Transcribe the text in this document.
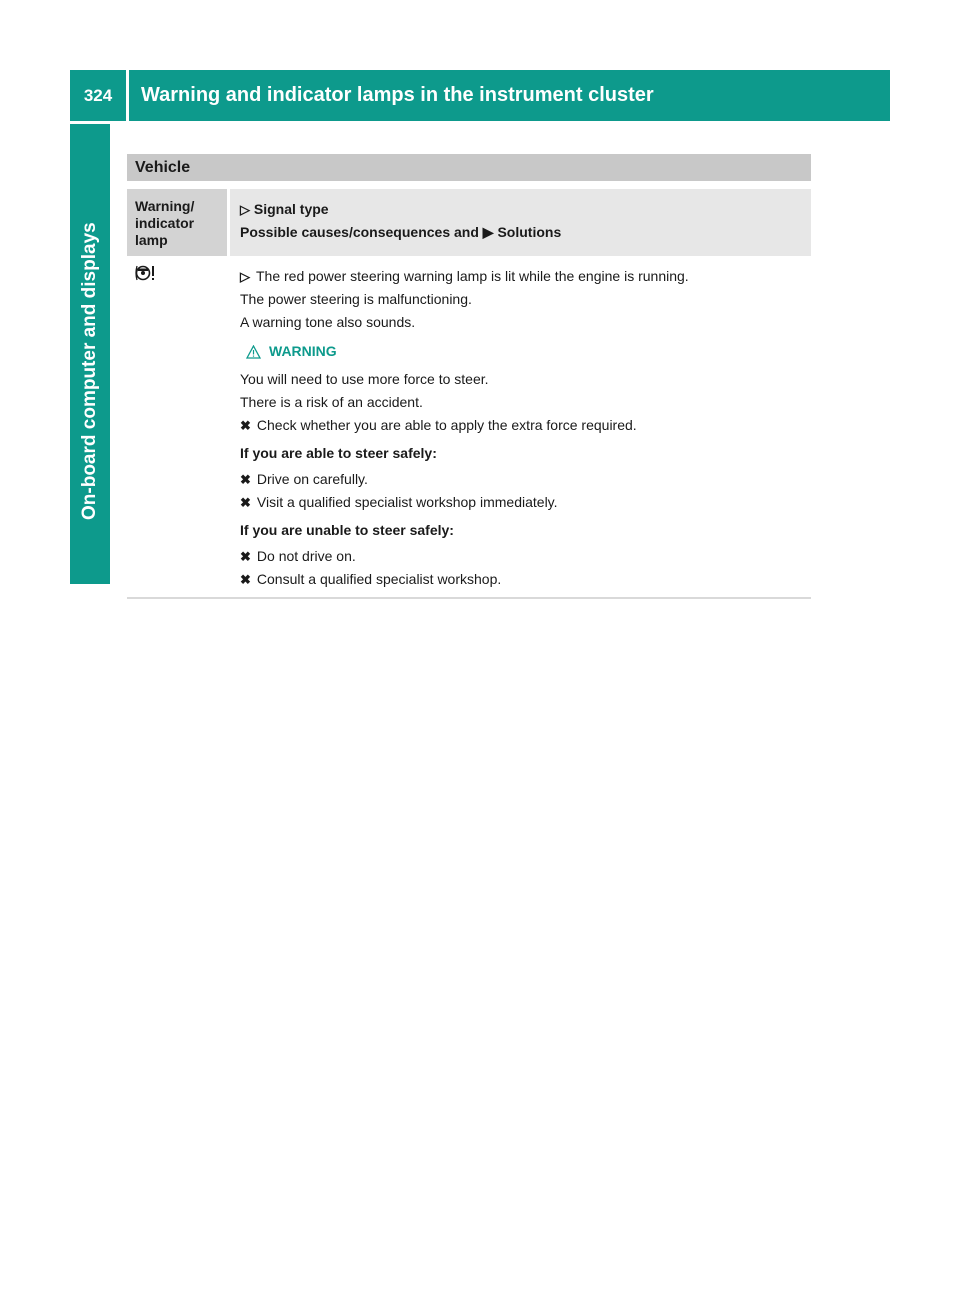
324	Warning and indicator lamps in the instrument cluster
On-board computer and displays
Vehicle
Warning/
indicator
lamp
▷ Signal type
Possible causes/consequences and ▶ Solutions

▷ The red power steering warning lamp is lit while the engine is running.

The power steering is malfunctioning.

A warning tone also sounds.

WARNING

You will need to use more force to steer.

There is a risk of an accident.

✖ Check whether you are able to apply the extra force required.

If you are able to steer safely:

✖ Drive on carefully.

✖ Visit a qualified specialist workshop immediately.

If you are unable to steer safely:

✖ Do not drive on.

✖ Consult a qualified specialist workshop.
